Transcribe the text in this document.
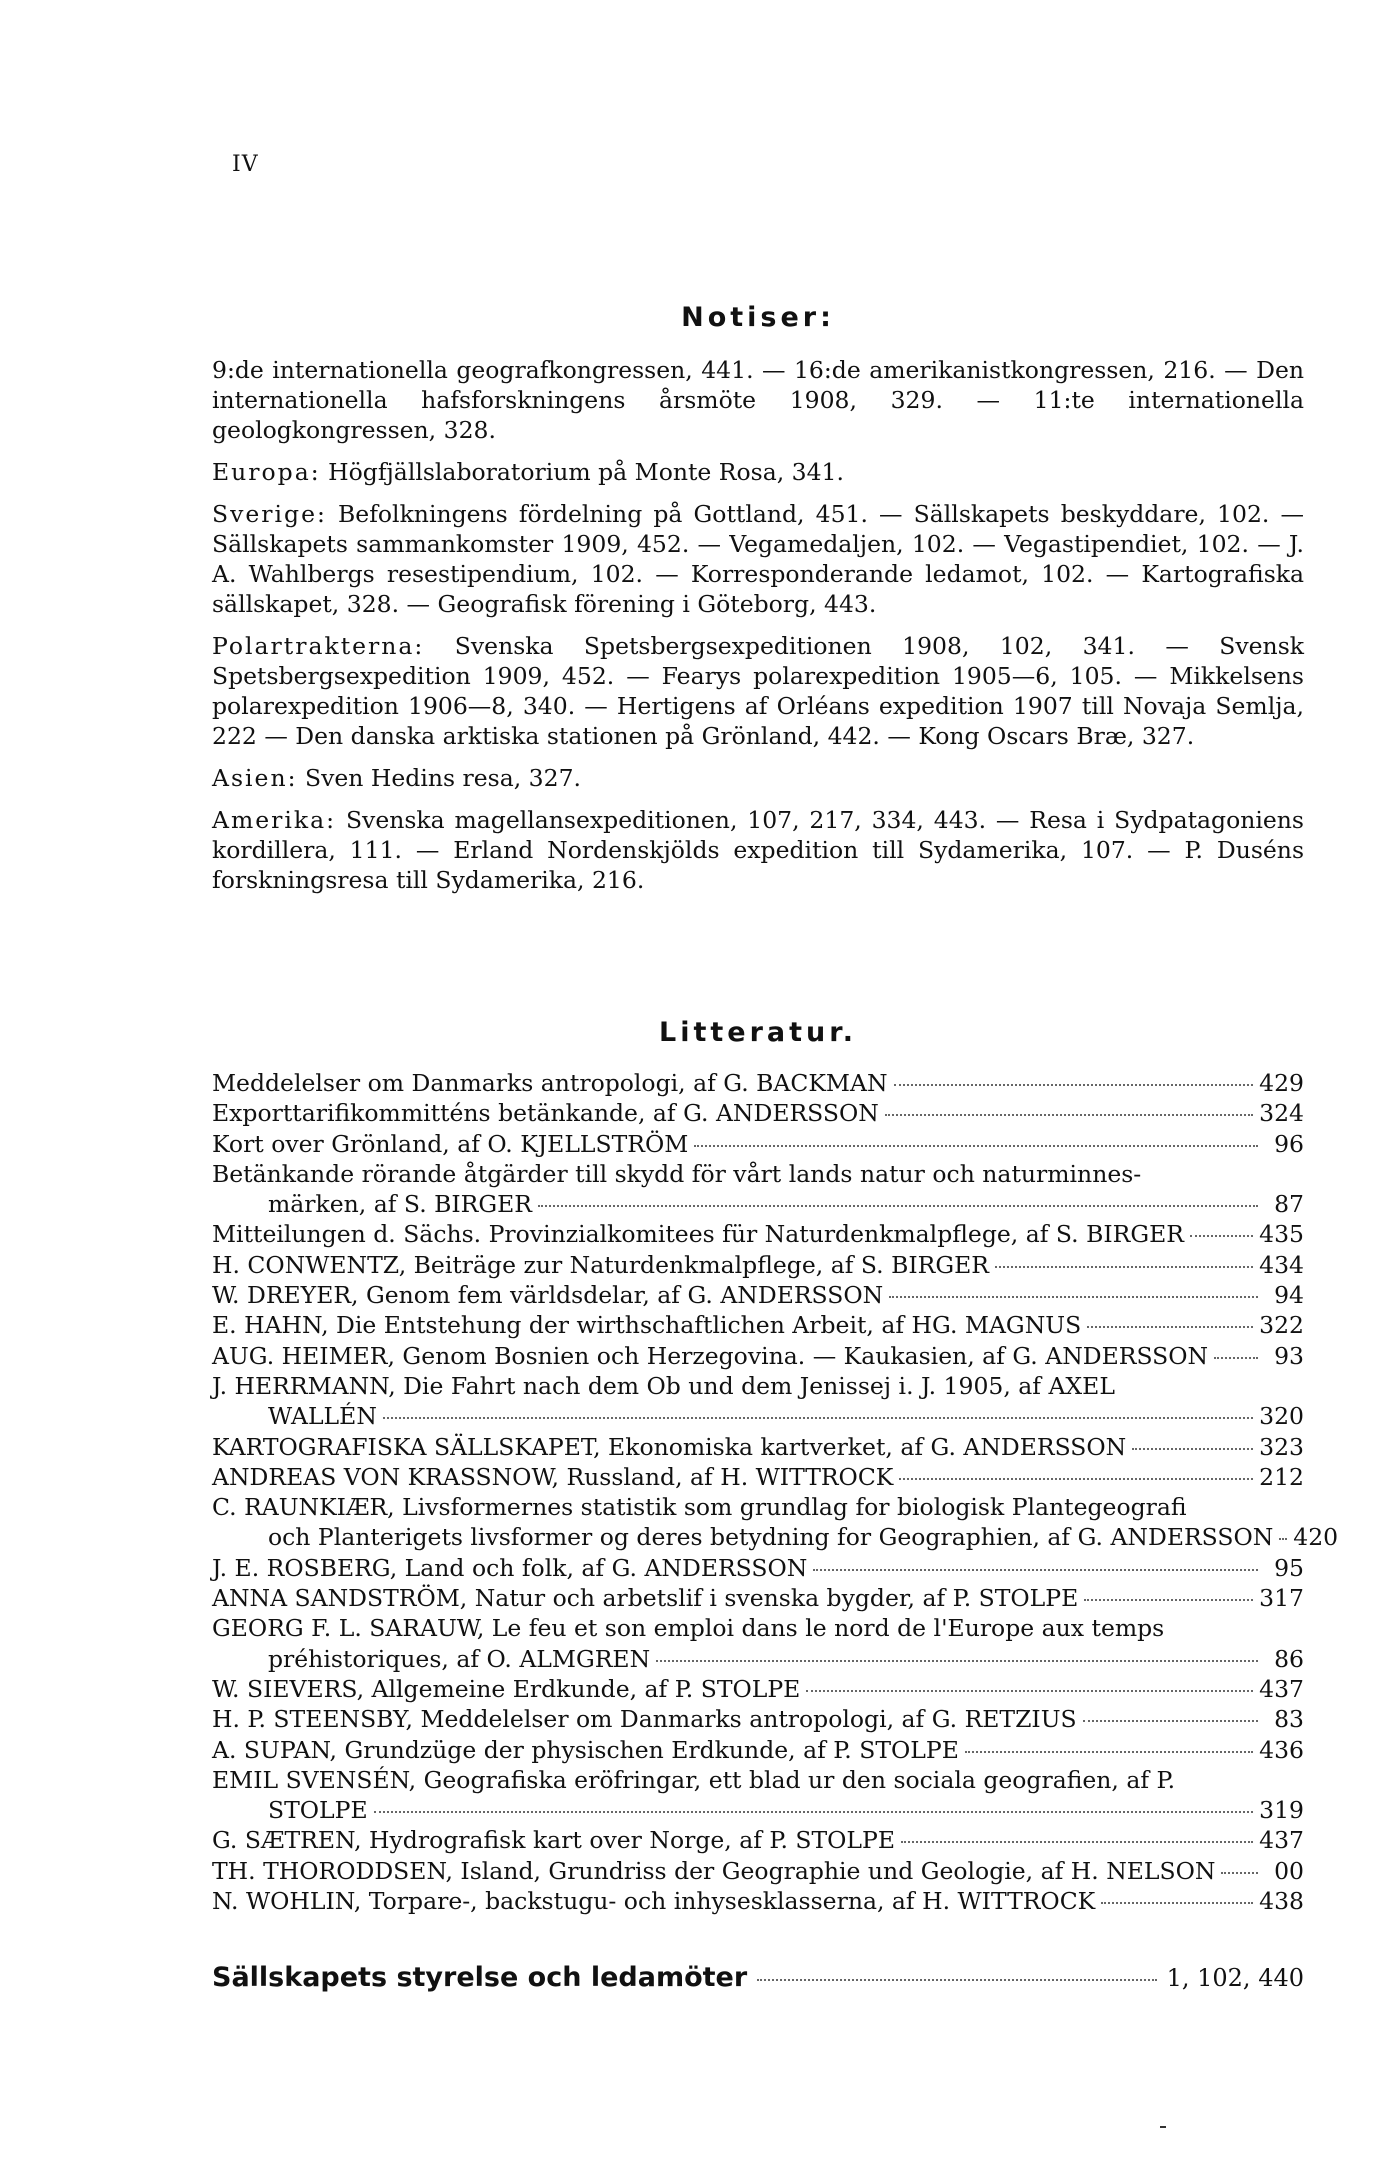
IV
Notiser:

9:de internationella geografkongressen, 441. — 16:de amerikanistkongressen, 216. — Den internationella hafsforskningens årsmöte 1908, 329. — 11:te internationella geologkongressen, 328.

Europa: Högfjällslaboratorium på Monte Rosa, 341.

Sverige: Befolkningens fördelning på Gottland, 451. — Sällskapets beskyddare, 102. — Sällskapets sammankomster 1909, 452. — Vegamedaljen, 102. — Vegastipendiet, 102. — J. A. Wahlbergs resestipendium, 102. — Korresponderande ledamot, 102. — Kartografiska sällskapet, 328. — Geografisk förening i Göteborg, 443.

Polartrakterna: Svenska Spetsbergsexpeditionen 1908, 102, 341. — Svensk Spetsbergsexpedition 1909, 452. — Fearys polarexpedition 1905—6, 105. — Mikkelsens polarexpedition 1906—8, 340. — Hertigens af Orléans expedition 1907 till Novaja Semlja, 222 — Den danska arktiska stationen på Grönland, 442. — Kong Oscars Bræ, 327.

Asien: Sven Hedins resa, 327.

Amerika: Svenska magellansexpeditionen, 107, 217, 334, 443. — Resa i Sydpatagoniens kordillera, 111. — Erland Nordenskjölds expedition till Sydamerika, 107. — P. Duséns forskningsresa till Sydamerika, 216.

Litteratur.
Meddelelser om Danmarks antropologi, af G. BACKMAN	429
Exporttarifikommitténs betänkande, af G. ANDERSSON	324
Kort over Grönland, af O. KJELLSTRÖM	96
Betänkande rörande åtgärder till skydd för vårt lands natur och naturminnes-
märken, af S. BIRGER	87
Mitteilungen d. Sächs. Provinzialkomitees für Naturdenkmalpflege, af S. BIRGER	435
H. CONWENTZ, Beiträge zur Naturdenkmalpflege, af S. BIRGER	434
W. DREYER, Genom fem världsdelar, af G. ANDERSSON	94
E. HAHN, Die Entstehung der wirthschaftlichen Arbeit, af HG. MAGNUS	322
AUG. HEIMER, Genom Bosnien och Herzegovina. — Kaukasien, af G. ANDERSSON	93
J. HERRMANN, Die Fahrt nach dem Ob und dem Jenissej i. J. 1905, af AXEL
WALLÉN	320
KARTOGRAFISKA SÄLLSKAPET, Ekonomiska kartverket, af G. ANDERSSON	323
ANDREAS VON KRASSNOW, Russland, af H. WITTROCK	212
C. RAUNKIÆR, Livsformernes statistik som grundlag for biologisk Plantegeografi
och Planterigets livsformer og deres betydning for Geographien, af G. ANDERSSON 420
J. E. ROSBERG, Land och folk, af G. ANDERSSON	95
ANNA SANDSTRÖM, Natur och arbetslif i svenska bygder, af P. STOLPE	317
GEORG F. L. SARAUW, Le feu et son emploi dans le nord de l'Europe aux temps
préhistoriques, af O. ALMGREN	86
W. SIEVERS, Allgemeine Erdkunde, af P. STOLPE	437
H. P. STEENSBY, Meddelelser om Danmarks antropologi, af G. RETZIUS	83
A. SUPAN, Grundzüge der physischen Erdkunde, af P. STOLPE	436
EMIL SVENSÉN, Geografiska eröfringar, ett blad ur den sociala geografien, af P.
STOLPE	319
G. SÆTREN, Hydrografisk kart over Norge, af P. STOLPE	437
TH. THORODDSEN, Island, Grundriss der Geographie und Geologie, af H. NELSON	00
N. WOHLIN, Torpare-, backstugu- och inhysesklasserna, af H. WITTROCK	438
Sällskapets styrelse och ledamöter	1, 102, 440
